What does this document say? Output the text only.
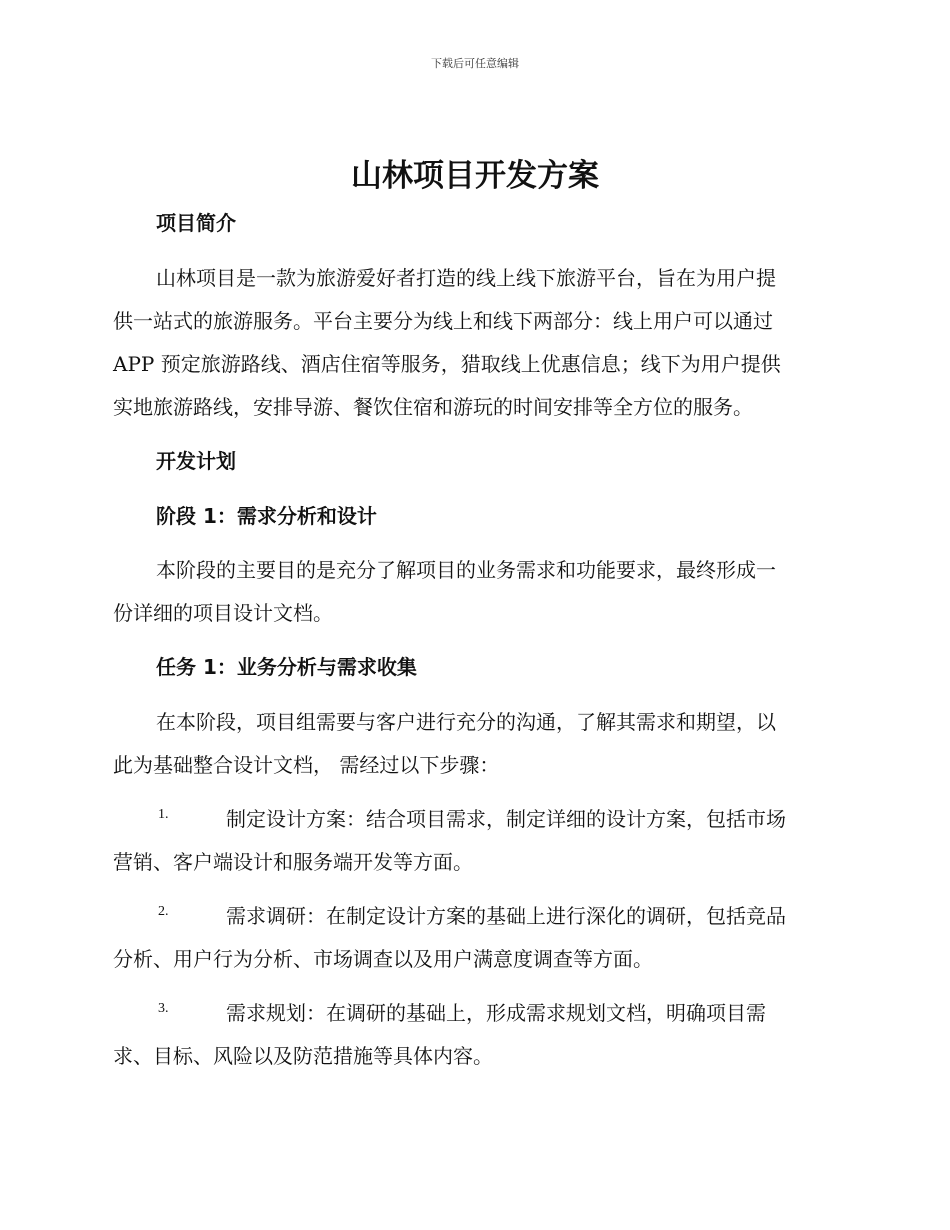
下载后可任意编辑
山林项目开发方案
项目简介
山林项目是一款为旅游爱好者打造的线上线下旅游平台，旨在为用户提
供一站式的旅游服务。平台主要分为线上和线下两部分：线上用户可以通过
APP 预定旅游路线、酒店住宿等服务，猎取线上优惠信息；线下为用户提供
实地旅游路线，安排导游、餐饮住宿和游玩的时间安排等全方位的服务。
开发计划
阶段 1：需求分析和设计
本阶段的主要目的是充分了解项目的业务需求和功能要求，最终形成一
份详细的项目设计文档。
任务 1：业务分析与需求收集
在本阶段，项目组需要与客户进行充分的沟通，了解其需求和期望，以
此为基础整合设计文档， 需经过以下步骤：
1.	制定设计方案：结合项目需求，制定详细的设计方案，包括市场
营销、客户端设计和服务端开发等方面。
2.	需求调研：在制定设计方案的基础上进行深化的调研，包括竞品
分析、用户行为分析、市场调查以及用户满意度调查等方面。
3.	需求规划：在调研的基础上，形成需求规划文档，明确项目需
求、目标、风险以及防范措施等具体内容。
